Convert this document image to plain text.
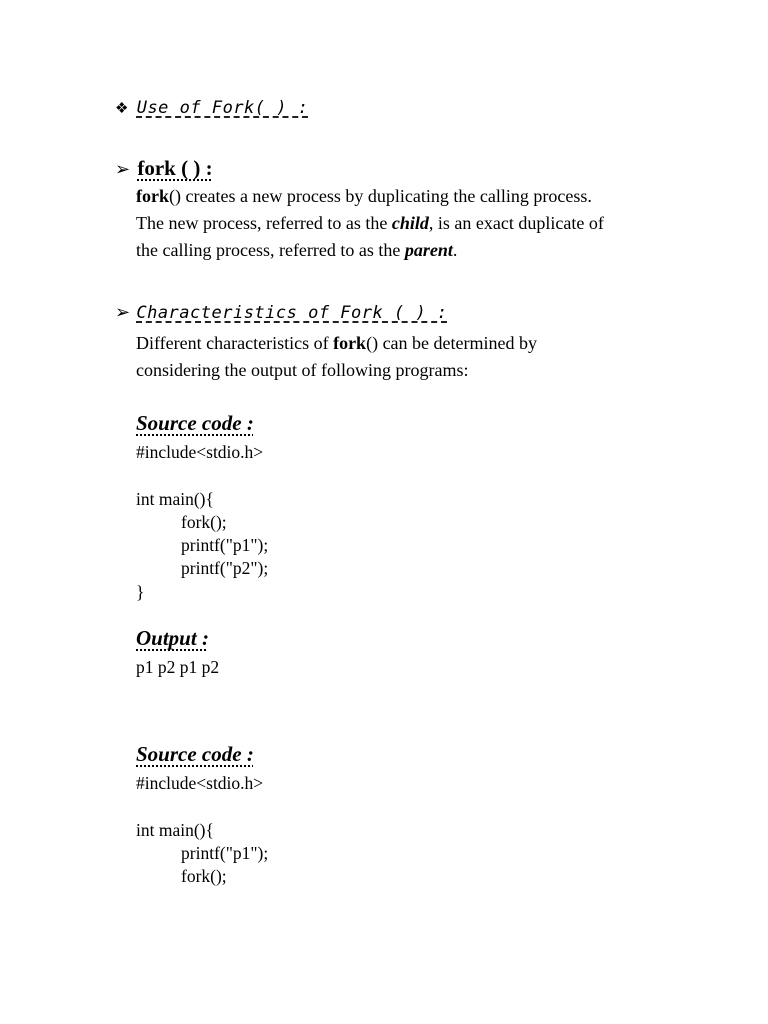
❖ Use of Fork( ) :
➢ fork ( ) :
fork() creates a new process by duplicating the calling process.
The new process, referred to as the child, is an exact duplicate of
the calling process, referred to as the parent.
➢ Characteristics of Fork ( ) :
Different characteristics of fork() can be determined by
considering the output of following programs:
Source code :
#include<stdio.h>

int main(){
fork();
printf("p1");
printf("p2");
}
Output :
p1 p2 p1 p2
Source code :
#include<stdio.h>

int main(){
printf("p1");
fork();
